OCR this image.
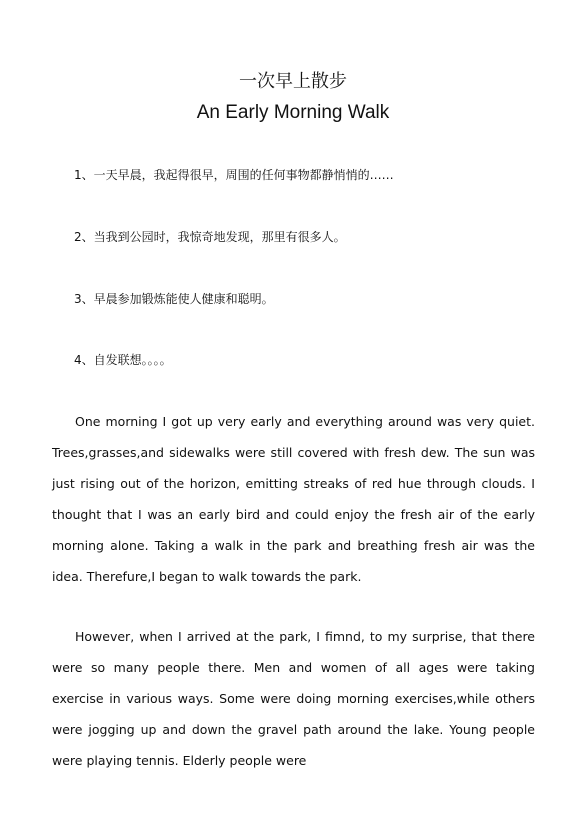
一次早上散步
An Early Morning Walk
1、一天早晨，我起得很早，周围的任何事物都静悄悄的……
2、当我到公园时，我惊奇地发现，那里有很多人。
3、早晨参加锻炼能使人健康和聪明。
4、自发联想。。。。
One morning I got up very early and everything around was very quiet. Trees,grasses,and sidewalks were still covered with fresh dew. The sun was just rising out of the horizon, emitting streaks of red hue through clouds. I thought that I was an early bird and could enjoy the fresh air of the early morning alone. Taking a walk in the park and breathing fresh air was the idea. Therefure,I began to walk towards the park.
However, when I arrived at the park, I fimnd, to my surprise, that there were so many people there. Men and women of all ages were taking exercise in various ways. Some were doing morning exercises,while others were jogging up and down the gravel path around the lake. Young people were playing tennis. Elderly people were
